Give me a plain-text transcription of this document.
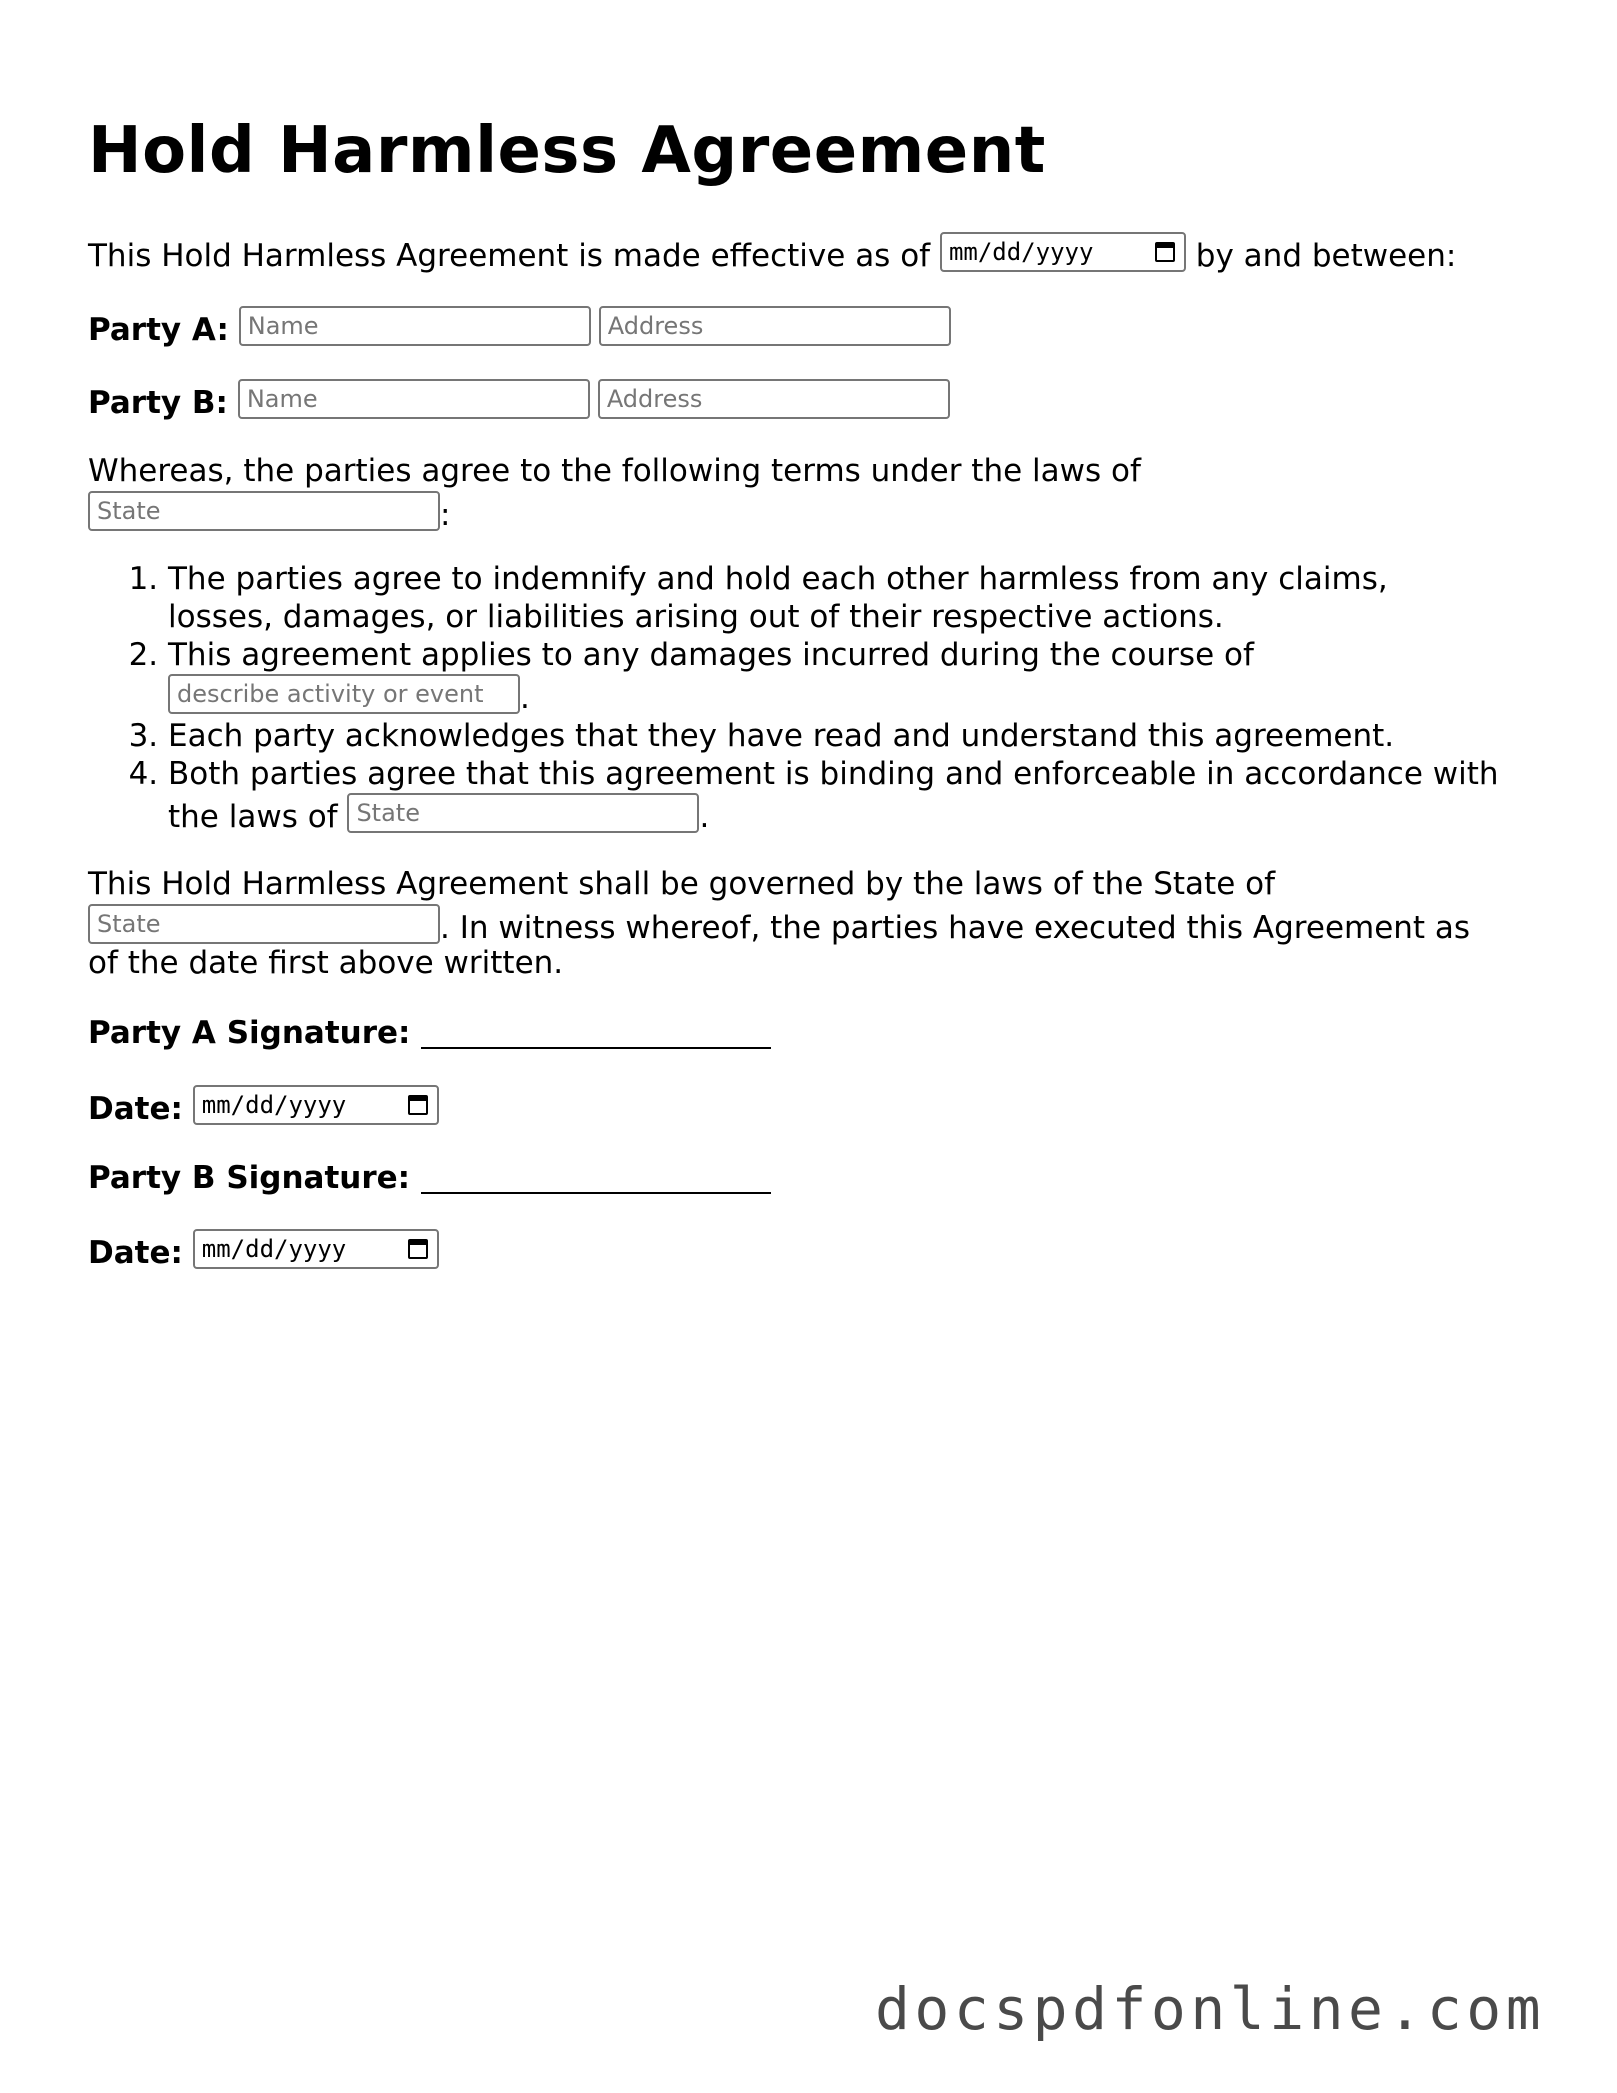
Hold Harmless Agreement
This Hold Harmless Agreement is made effective as of mm/dd/yyyy	by and between:
Party A: Name	Address
Party B: Name	Address
Whereas, the parties agree to the following terms under the laws of
State	:
1. The parties agree to indemnify and hold each other harmless from any claims,
losses, damages, or liabilities arising out of their respective actions.
2. This agreement applies to any damages incurred during the course of
describe activity or event .
3. Each party acknowledges that they have read and understand this agreement.
4. Both parties agree that this agreement is binding and enforceable in accordance with
the laws of State	.
This Hold Harmless Agreement shall be governed by the laws of the State of
State	. In witness whereof, the parties have executed this Agreement as
of the date first above written.
Party A Signature:
Date: mm/dd/yyyy
Party B Signature:
Date: mm/dd/yyyy
docspdfonline.com
